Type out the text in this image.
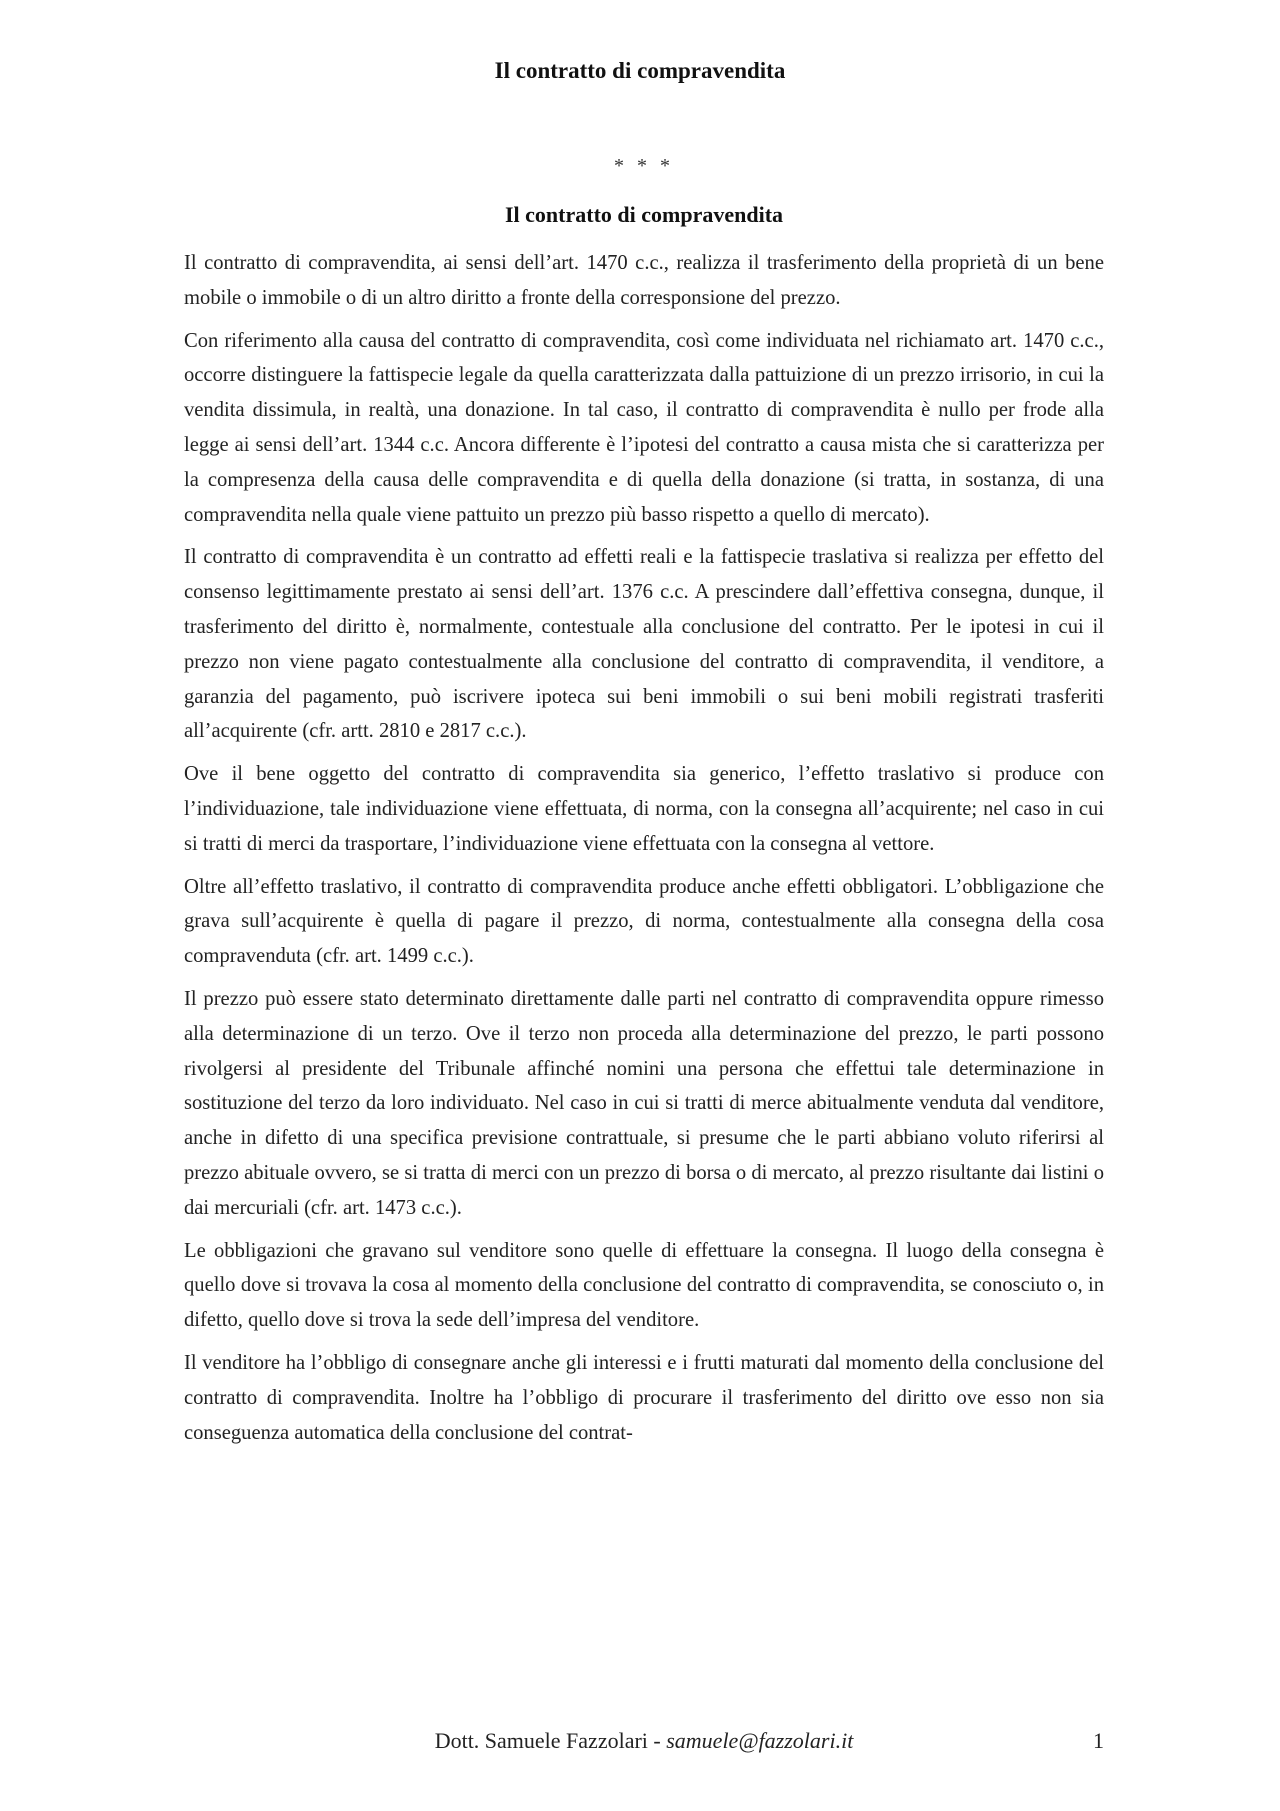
Il contratto di compravendita
* * *
Il contratto di compravendita

Il contratto di compravendita, ai sensi dell’art. 1470 c.c., realizza il trasferimento della proprietà di un bene mobile o immobile o di un altro diritto a fronte della corresponsione del prezzo.

Con riferimento alla causa del contratto di compravendita, così come individuata nel richiamato art. 1470 c.c., occorre distinguere la fattispecie legale da quella caratterizzata dalla pattuizione di un prezzo irrisorio, in cui la vendita dissimula, in realtà, una donazione. In tal caso, il contratto di compravendita è nullo per frode alla legge ai sensi dell’art. 1344 c.c. Ancora differente è l’ipotesi del contratto a causa mista che si caratterizza per la compresenza della causa delle compravendita e di quella della donazione (si tratta, in sostanza, di una compravendita nella quale viene pattuito un prezzo più basso rispetto a quello di mercato).

Il contratto di compravendita è un contratto ad effetti reali e la fattispecie traslativa si realizza per effetto del consenso legittimamente prestato ai sensi dell’art. 1376 c.c. A prescindere dall’effettiva consegna, dunque, il trasferimento del diritto è, normalmente, contestuale alla conclusione del contratto. Per le ipotesi in cui il prezzo non viene pagato contestualmente alla conclusione del contratto di compravendita, il venditore, a garanzia del pagamento, può iscrivere ipoteca sui beni immobili o sui beni mobili registrati trasferiti all’acquirente (cfr. artt. 2810 e 2817 c.c.).

Ove il bene oggetto del contratto di compravendita sia generico, l’effetto traslativo si produce con l’individuazione, tale individuazione viene effettuata, di norma, con la consegna all’acquirente; nel caso in cui si tratti di merci da trasportare, l’individuazione viene effettuata con la consegna al vettore.

Oltre all’effetto traslativo, il contratto di compravendita produce anche effetti obbligatori. L’obbligazione che grava sull’acquirente è quella di pagare il prezzo, di norma, contestualmente alla consegna della cosa compravenduta (cfr. art. 1499 c.c.).

Il prezzo può essere stato determinato direttamente dalle parti nel contratto di compravendita oppure rimesso alla determinazione di un terzo. Ove il terzo non proceda alla determinazione del prezzo, le parti possono rivolgersi al presidente del Tribunale affinché nomini una persona che effettui tale determinazione in sostituzione del terzo da loro individuato. Nel caso in cui si tratti di merce abitualmente venduta dal venditore, anche in difetto di una specifica previsione contrattuale, si presume che le parti abbiano voluto riferirsi al prezzo abituale ovvero, se si tratta di merci con un prezzo di borsa o di mercato, al prezzo risultante dai listini o dai mercuriali (cfr. art. 1473 c.c.).

Le obbligazioni che gravano sul venditore sono quelle di effettuare la consegna. Il luogo della consegna è quello dove si trovava la cosa al momento della conclusione del contratto di compravendita, se conosciuto o, in difetto, quello dove si trova la sede dell’impresa del venditore.

Il venditore ha l’obbligo di consegnare anche gli interessi e i frutti maturati dal momento della conclusione del contratto di compravendita. Inoltre ha l’obbligo di procurare il trasferimento del diritto ove esso non sia conseguenza automatica della conclusione del contrat-

Dott. Samuele Fazzolari - samuele@fazzolari.it	1
